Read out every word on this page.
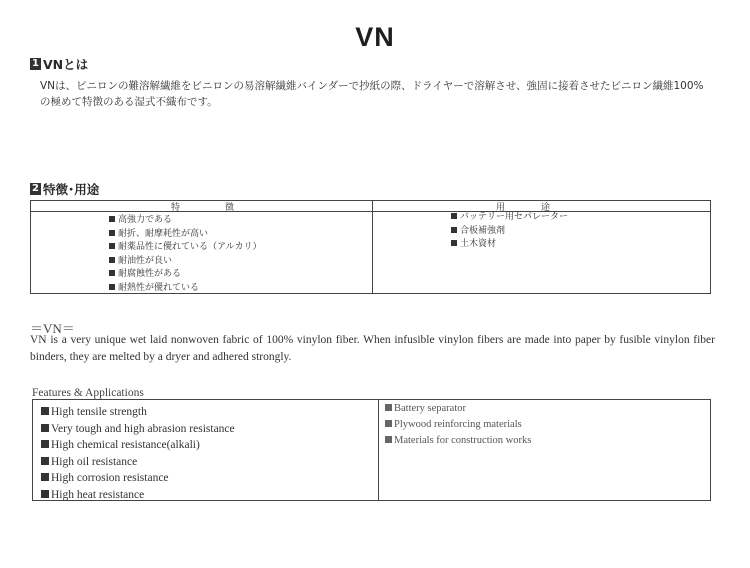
VN
1 VNとは
VNは、ビニロンの難溶解繊維をビニロンの易溶解繊維バインダーで抄紙の際、ドライヤーで溶解させ、強固に接着させたビニロン繊維100%の極めて特徴のある湿式不織布です。
2 特徴･用途
特　　　　　徴	用　　　　途
高強力である
耐折、耐摩耗性が高い
耐薬品性に優れている（アルカリ）
耐油性が良い
耐腐蝕性がある
耐熱性が優れている
バッテリー用セパレーター
合板補強剤
土木資材
＝VN＝
VN is a very unique wet laid nonwoven fabric of 100% vinylon fiber. When infusible vinylon fibers are made into paper by fusible vinylon fiber binders, they are melted by a dryer and adhered strongly.
Features & Applications
High tensile strength
Very tough and high abrasion resistance
High chemical resistance(alkali)
High oil resistance
High corrosion resistance
High heat resistance
Battery separator
Plywood reinforcing materials
Materials for construction works
